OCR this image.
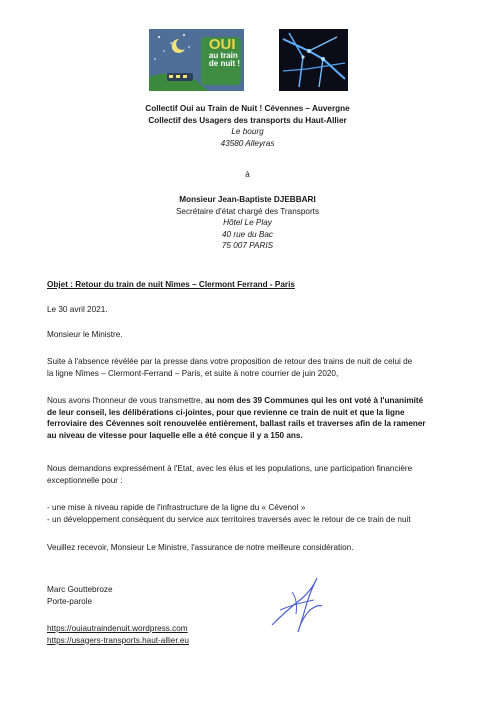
OUI
au train
de nuit !
Collectif Oui au Train de Nuit ! Cévennes – Auvergne
Collectif des Usagers des transports du Haut-Allier
Le bourg
43580 Alleyras
à
Monsieur Jean-Baptiste DJEBBARI
Secrétaire d'état chargé des Transports
Hôtel Le Play
40 rue du Bac
75 007 PARIS
Objet : Retour du train de nuit Nîmes – Clermont Ferrand - Paris
Le 30 avril 2021.
Monsieur le Ministre.
Suite à l'absence révélée par la presse dans votre proposition de retour des trains de nuit de celui de
la ligne Nîmes – Clermont-Ferrand – Paris, et suite à notre courrier de juin 2020,
Nous avons l'honneur de vous transmettre, au nom des 39 Communes qui les ont voté à l'unanimité
de leur conseil, les délibérations ci-jointes, pour que revienne ce train de nuit et que la ligne
ferroviaire des Cévennes soit renouvelée entièrement, ballast rails et traverses afin de la ramener
au niveau de vitesse pour laquelle elle a été conçue il y a 150 ans.
Nous demandons expressément à l'Etat, avec les élus et les populations, une participation financière
exceptionnelle pour :
- une mise à niveau rapide de l'infrastructure de la ligne du « Cévenol »
- un développement conséquent du service aux territoires traversés avec le retour de ce train de nuit
Veuillez recevoir, Monsieur Le Ministre, l'assurance de notre meilleure considération.
Marc Gouttebroze
Porte-parole
https://ouiautraindenuit.wordpress.com
https://usagers-transports.haut-allier.eu
